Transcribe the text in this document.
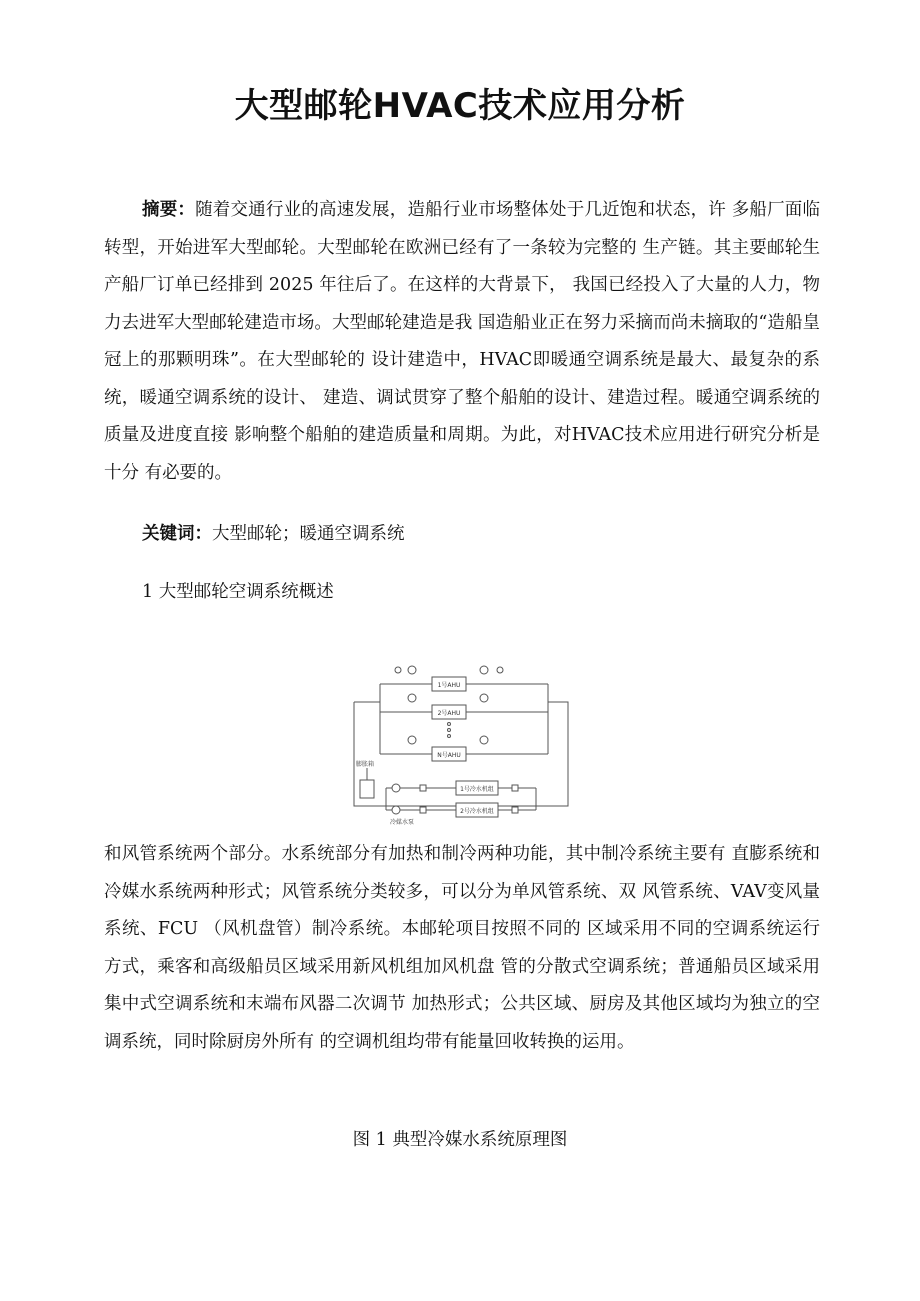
大型邮轮HVAC技术应用分析

摘要：随着交通行业的高速发展，造船行业市场整体处于几近饱和状态，许 多船厂面临转型，开始进军大型邮轮。大型邮轮在欧洲已经有了一条较为完整的 生产链。其主要邮轮生产船厂订单已经排到 2025 年往后了。在这样的大背景下， 我国已经投入了大量的人力，物力去进军大型邮轮建造市场。大型邮轮建造是我 国造船业正在努力采摘而尚未摘取的“造船皇冠上的那颗明珠”。在大型邮轮的 设计建造中，HVAC即暖通空调系统是最大、最复杂的系统，暖通空调系统的设计、 建造、调试贯穿了整个船舶的设计、建造过程。暖通空调系统的质量及进度直接 影响整个船舶的建造质量和周期。为此，对HVAC技术应用进行研究分析是十分 有必要的。

关键词：大型邮轮；暖通空调系统

1 大型邮轮空调系统概述

1号AHU
2号AHU
N号AHU
1号冷水机组
2号冷水机组
膨胀箱
冷媒水泵

和风管系统两个部分。水系统部分有加热和制冷两种功能，其中制冷系统主要有 直膨系统和冷媒水系统两种形式；风管系统分类较多，可以分为单风管系统、双 风管系统、VAV变风量系统、FCU （风机盘管）制冷系统。本邮轮项目按照不同的 区域采用不同的空调系统运行方式，乘客和高级船员区域采用新风机组加风机盘 管的分散式空调系统；普通船员区域采用集中式空调系统和末端布风器二次调节 加热形式；公共区域、厨房及其他区域均为独立的空调系统，同时除厨房外所有 的空调机组均带有能量回收转换的运用。

图 1 典型冷媒水系统原理图
